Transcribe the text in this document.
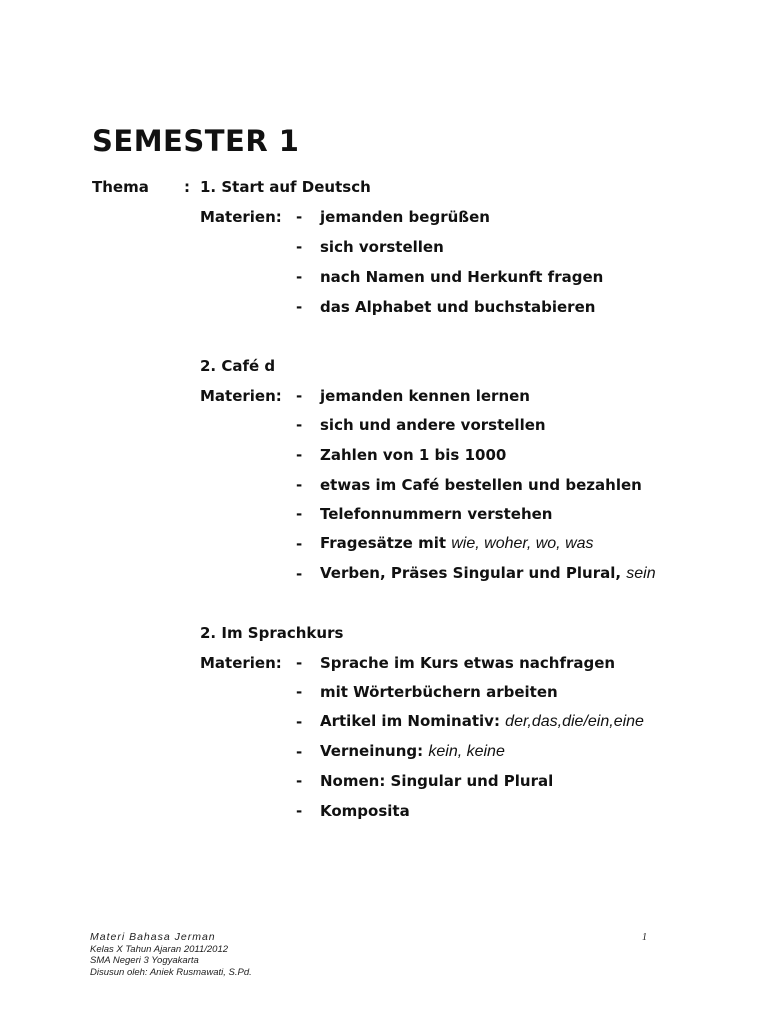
SEMESTER 1
Thema : 1. Start auf Deutsch
Materien: - jemanden begrüßen
- sich vorstellen
- nach Namen und Herkunft fragen
- das Alphabet und buchstabieren
2. Café d
Materien: - jemanden kennen lernen
- sich und andere vorstellen
- Zahlen von 1 bis 1000
- etwas im Café bestellen und bezahlen
- Telefonnummern verstehen
- Fragesätze mit wie, woher, wo, was
- Verben, Präses Singular und Plural, sein
2. Im Sprachkurs
Materien: - Sprache im Kurs etwas nachfragen
- mit Wörterbüchern arbeiten
- Artikel im Nominativ: der,das,die/ein,eine
- Verneinung: kein, keine
- Nomen: Singular und Plural
- Komposita
Materi Bahasa Jerman
Kelas X Tahun Ajaran 2011/2012
SMA Negeri 3 Yogyakarta
Disusun oleh: Aniek Rusmawati, S.Pd.
1
